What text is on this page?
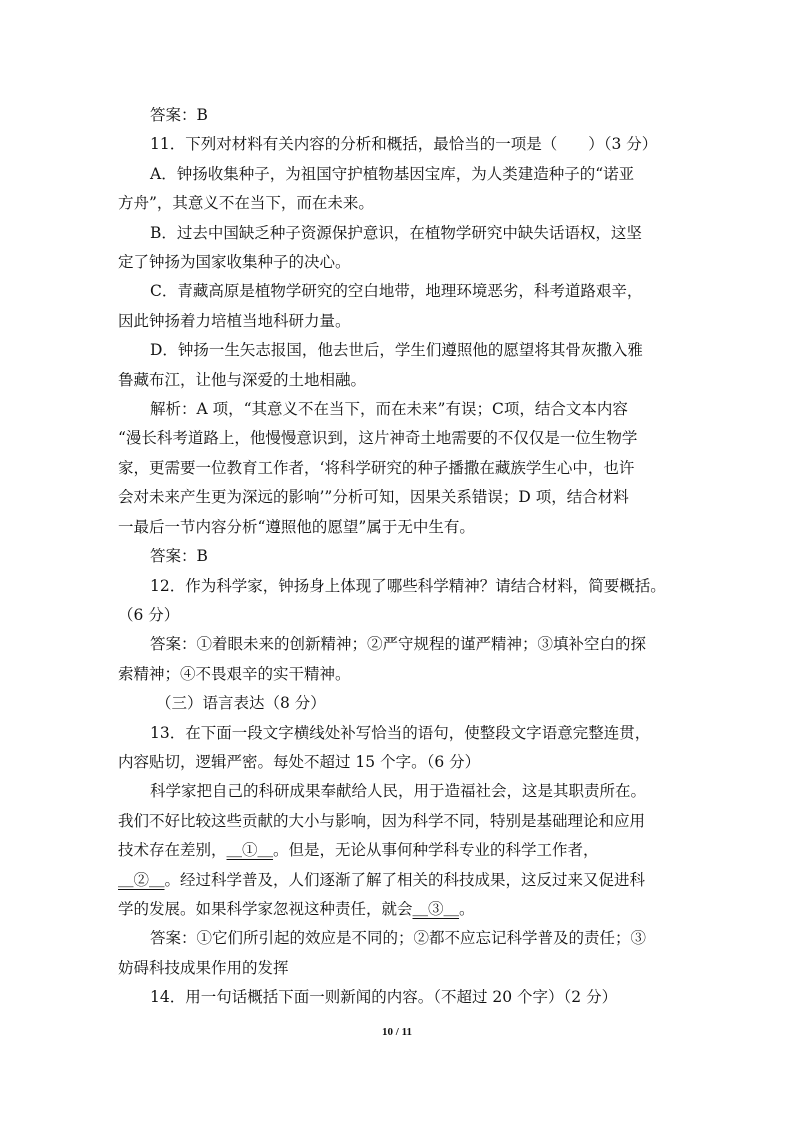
答案：B

11．下列对材料有关内容的分析和概括，最恰当的一项是（　　）（3 分）

A．钟扬收集种子，为祖国守护植物基因宝库，为人类建造种子的“诺亚

方舟”，其意义不在当下，而在未来。

B．过去中国缺乏种子资源保护意识，在植物学研究中缺失话语权，这坚

定了钟扬为国家收集种子的决心。

C．青藏高原是植物学研究的空白地带，地理环境恶劣，科考道路艰辛，

因此钟扬着力培植当地科研力量。

D．钟扬一生矢志报国，他去世后，学生们遵照他的愿望将其骨灰撒入雅

鲁藏布江，让他与深爱的土地相融。

解析：A 项，“其意义不在当下，而在未来”有误；C项，结合文本内容

“漫长科考道路上，他慢慢意识到，这片神奇土地需要的不仅仅是一位生物学

家，更需要一位教育工作者，‘将科学研究的种子播撒在藏族学生心中，也许

会对未来产生更为深远的影响’”分析可知，因果关系错误；D 项，结合材料

一最后一节内容分析“遵照他的愿望”属于无中生有。

答案：B

12．作为科学家，钟扬身上体现了哪些科学精神？请结合材料，简要概括。

（6 分）

答案：①着眼未来的创新精神；②严守规程的谨严精神；③填补空白的探

索精神；④不畏艰辛的实干精神。

（三）语言表达（8 分）

13．在下面一段文字横线处补写恰当的语句，使整段文字语意完整连贯，

内容贴切，逻辑严密。每处不超过 15 个字。（6 分）

科学家把自己的科研成果奉献给人民，用于造福社会，这是其职责所在。

我们不好比较这些贡献的大小与影响，因为科学不同，特别是基础理论和应用

技术存在差别，＿①＿。但是，无论从事何种学科专业的科学工作者，

＿②＿。经过科学普及，人们逐渐了解了相关的科技成果，这反过来又促进科

学的发展。如果科学家忽视这种责任，就会＿③＿。

答案：①它们所引起的效应是不同的；②都不应忘记科学普及的责任；③

妨碍科技成果作用的发挥

14．用一句话概括下面一则新闻的内容。（不超过 20 个字）（2 分）

10 / 11
